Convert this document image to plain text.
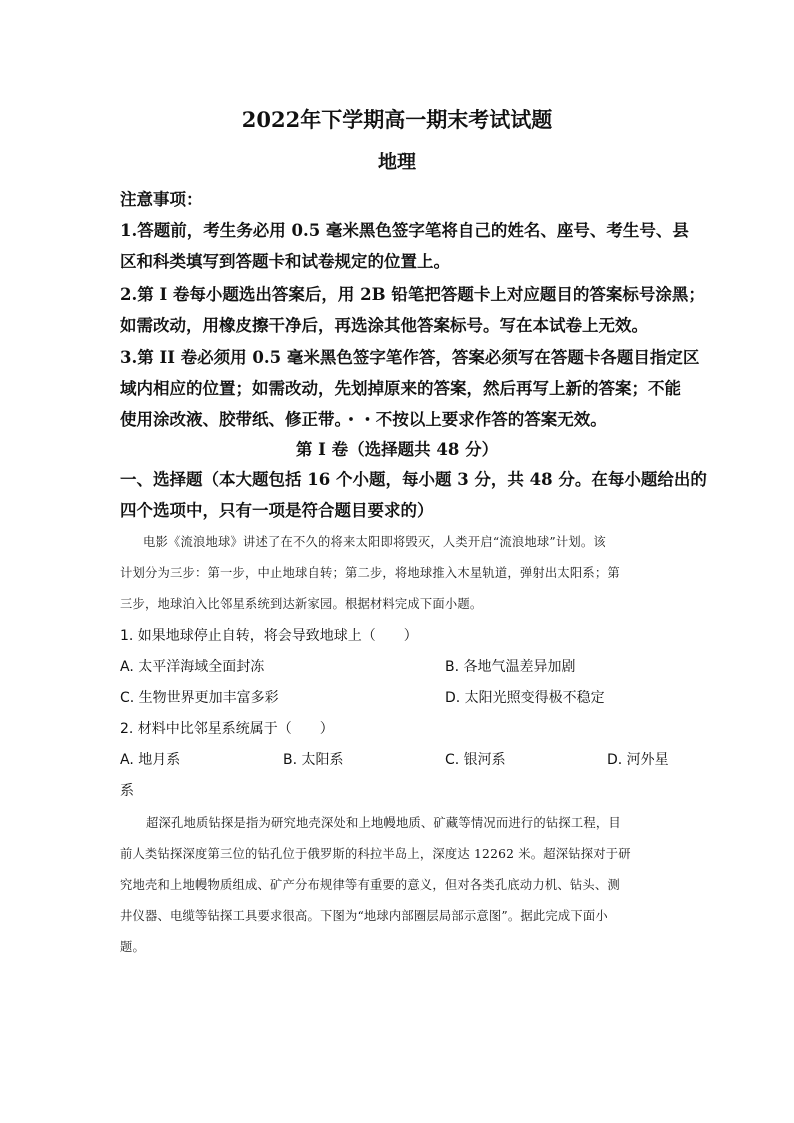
2022年下学期高一期末考试试题
地理
注意事项：
1.答题前，考生务必用 0.5 毫米黑色签字笔将自己的姓名、座号、考生号、县
区和科类填写到答题卡和试卷规定的位置上。
2.第 I 卷每小题选出答案后，用 2B 铅笔把答题卡上对应题目的答案标号涂黑；
如需改动，用橡皮擦干净后，再选涂其他答案标号。写在本试卷上无效。
3.第 II 卷必须用 0.5 毫米黑色签字笔作答，答案必须写在答题卡各题目指定区
域内相应的位置；如需改动，先划掉原来的答案，然后再写上新的答案；不能
使用涂改液、胶带纸、修正带。・・不按以上要求作答的答案无效。
第 I 卷（选择题共 48 分）
一、选择题（本大题包括 16 个小题，每小题 3 分，共 48 分。在每小题给出的
四个选项中，只有一项是符合题目要求的）
电影《流浪地球》讲述了在不久的将来太阳即将毁灭，人类开启“流浪地球”计划。该
计划分为三步：第一步，中止地球自转；第二步，将地球推入木星轨道，弹射出太阳系；第
三步，地球泊入比邻星系统到达新家园。根据材料完成下面小题。
1. 如果地球停止自转，将会导致地球上（　　）
A. 太平洋海域全面封冻	B. 各地气温差异加剧
C. 生物世界更加丰富多彩	D. 太阳光照变得极不稳定
2. 材料中比邻星系统属于（　　）
A. 地月系	B. 太阳系	C. 银河系	D. 河外星
系
超深孔地质钻探是指为研究地壳深处和上地幔地质、矿藏等情况而进行的钻探工程，目
前人类钻探深度第三位的钻孔位于俄罗斯的科拉半岛上，深度达 12262 米。超深钻探对于研
究地壳和上地幔物质组成、矿产分布规律等有重要的意义，但对各类孔底动力机、钻头、测
井仪器、电缆等钻探工具要求很高。下图为“地球内部圈层局部示意图”。据此完成下面小
题。
